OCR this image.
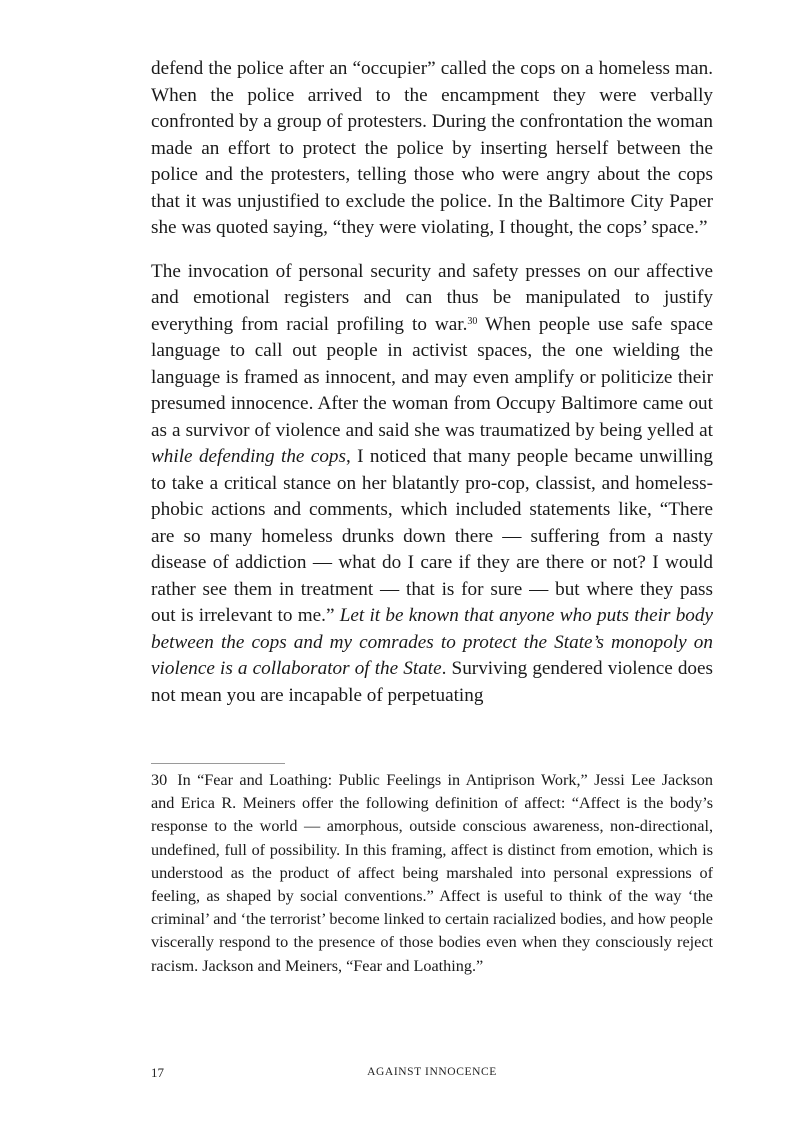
defend the police after an “occupier” called the cops on a homeless man. When the police arrived to the encampment they were verbally confronted by a group of protesters. During the confrontation the woman made an effort to protect the police by inserting herself between the police and the protesters, telling those who were angry about the cops that it was unjustified to exclude the police. In the Baltimore City Paper she was quoted saying, “they were violating, I thought, the cops’ space.”

The invocation of personal security and safety presses on our affective and emotional registers and can thus be manipulated to justify everything from racial profiling to war.$^{30}$ When people use safe space language to call out people in activist spaces, the one wielding the language is framed as innocent, and may even amplify or politicize their presumed innocence. After the woman from Occupy Baltimore came out as a survivor of violence and said she was traumatized by being yelled at while defending the cops, I noticed that many people became unwilling to take a critical stance on her blatantly pro-cop, classist, and homeless-phobic actions and comments, which included statements like, “There are so many homeless drunks down there — suffering from a nasty disease of addiction — what do I care if they are there or not? I would rather see them in treatment — that is for sure — but where they pass out is irrelevant to me.” Let it be known that anyone who puts their body between the cops and my comrades to protect the State’s monopoly on violence is a collaborator of the State. Surviving gendered violence does not mean you are incapable of perpetuating

30 In “Fear and Loathing: Public Feelings in Antiprison Work,” Jessi Lee Jackson and Erica R. Meiners offer the following definition of affect: “Affect is the body’s response to the world — amorphous, outside conscious awareness, non-directional, undefined, full of possibility. In this framing, affect is distinct from emotion, which is understood as the product of affect being marshaled into personal expressions of feeling, as shaped by social conventions.” Affect is useful to think of the way ‘the criminal’ and ‘the terrorist’ become linked to certain racialized bodies, and how people viscerally respond to the presence of those bodies even when they consciously reject racism. Jackson and Meiners, “Fear and Loathing.”

17	AGAINST INNOCENCE
